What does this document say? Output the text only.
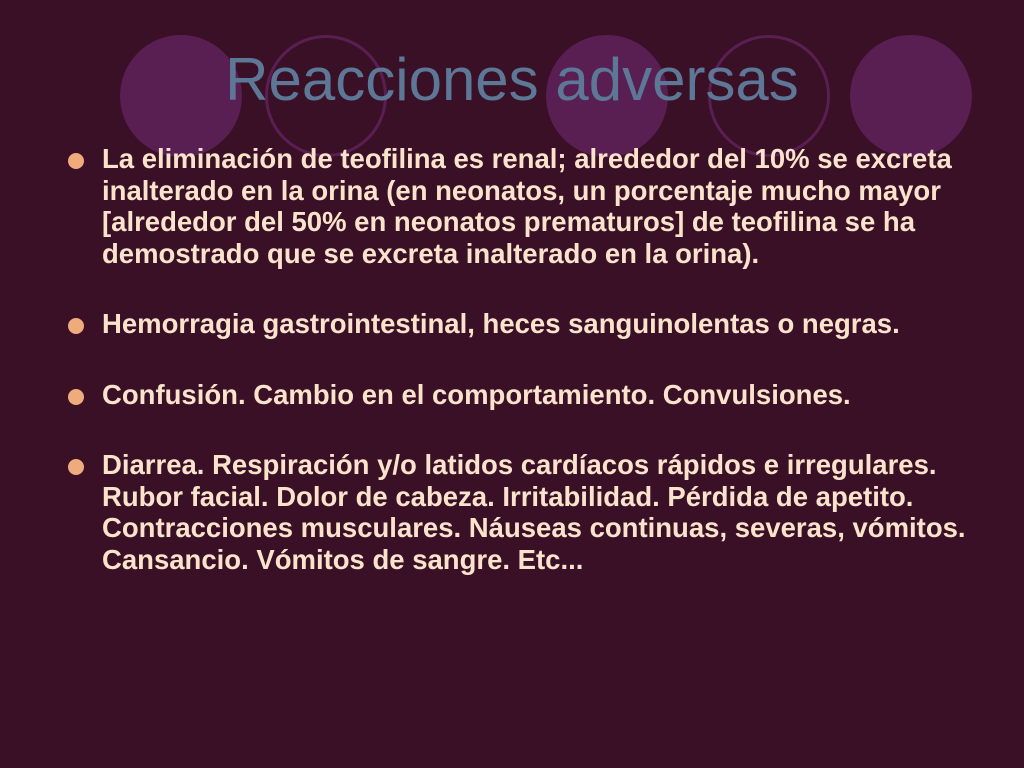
Reacciones adversas
La eliminación de teofilina es renal; alrededor del 10% se excreta inalterado en la orina (en neonatos, un porcentaje mucho mayor [alrededor del 50% en neonatos prematuros] de teofilina se ha demostrado que se excreta inalterado en la orina).
Hemorragia gastrointestinal, heces sanguinolentas o negras.
Confusión. Cambio en el comportamiento. Convulsiones.
Diarrea. Respiración y/o latidos cardíacos rápidos e irregulares. Rubor facial. Dolor de cabeza. Irritabilidad. Pérdida de apetito. Contracciones musculares. Náuseas continuas, severas, vómitos. Cansancio. Vómitos de sangre. Etc...
